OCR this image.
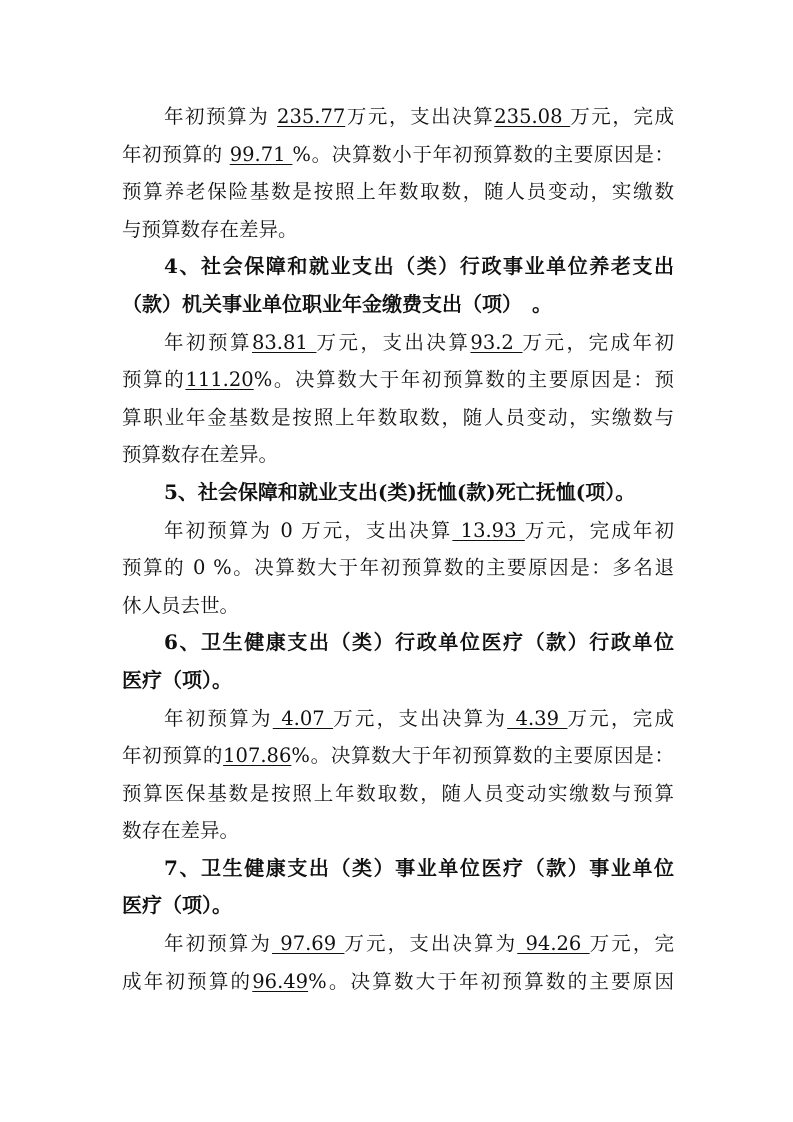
年初预算为 235.77万元，支出决算235.08 万元，完成
年初预算的 99.71 %。决算数小于年初预算数的主要原因是：
预算养老保险基数是按照上年数取数，随人员变动，实缴数
与预算数存在差异。
4、社会保障和就业支出（类）行政事业单位养老支出
（款）机关事业单位职业年金缴费支出（项）　。
年初预算83.81 万元，支出决算93.2 万元，完成年初
预算的111.20%。决算数大于年初预算数的主要原因是：预
算职业年金基数是按照上年数取数，随人员变动，实缴数与
预算数存在差异。
5、社会保障和就业支出(类)抚恤(款)死亡抚恤(项）。
年初预算为 0 万元，支出决算 13.93 万元，完成年初
预算的 0 %。决算数大于年初预算数的主要原因是：多名退
休人员去世。
6、卫生健康支出（类）行政单位医疗（款）行政单位
医疗（项）。
年初预算为 4.07 万元，支出决算为 4.39 万元，完成
年初预算的107.86%。决算数大于年初预算数的主要原因是：
预算医保基数是按照上年数取数，随人员变动实缴数与预算
数存在差异。
7、卫生健康支出（类）事业单位医疗（款）事业单位
医疗（项）。
年初预算为 97.69 万元，支出决算为 94.26 万元，完
成年初预算的96.49%。决算数大于年初预算数的主要原因
